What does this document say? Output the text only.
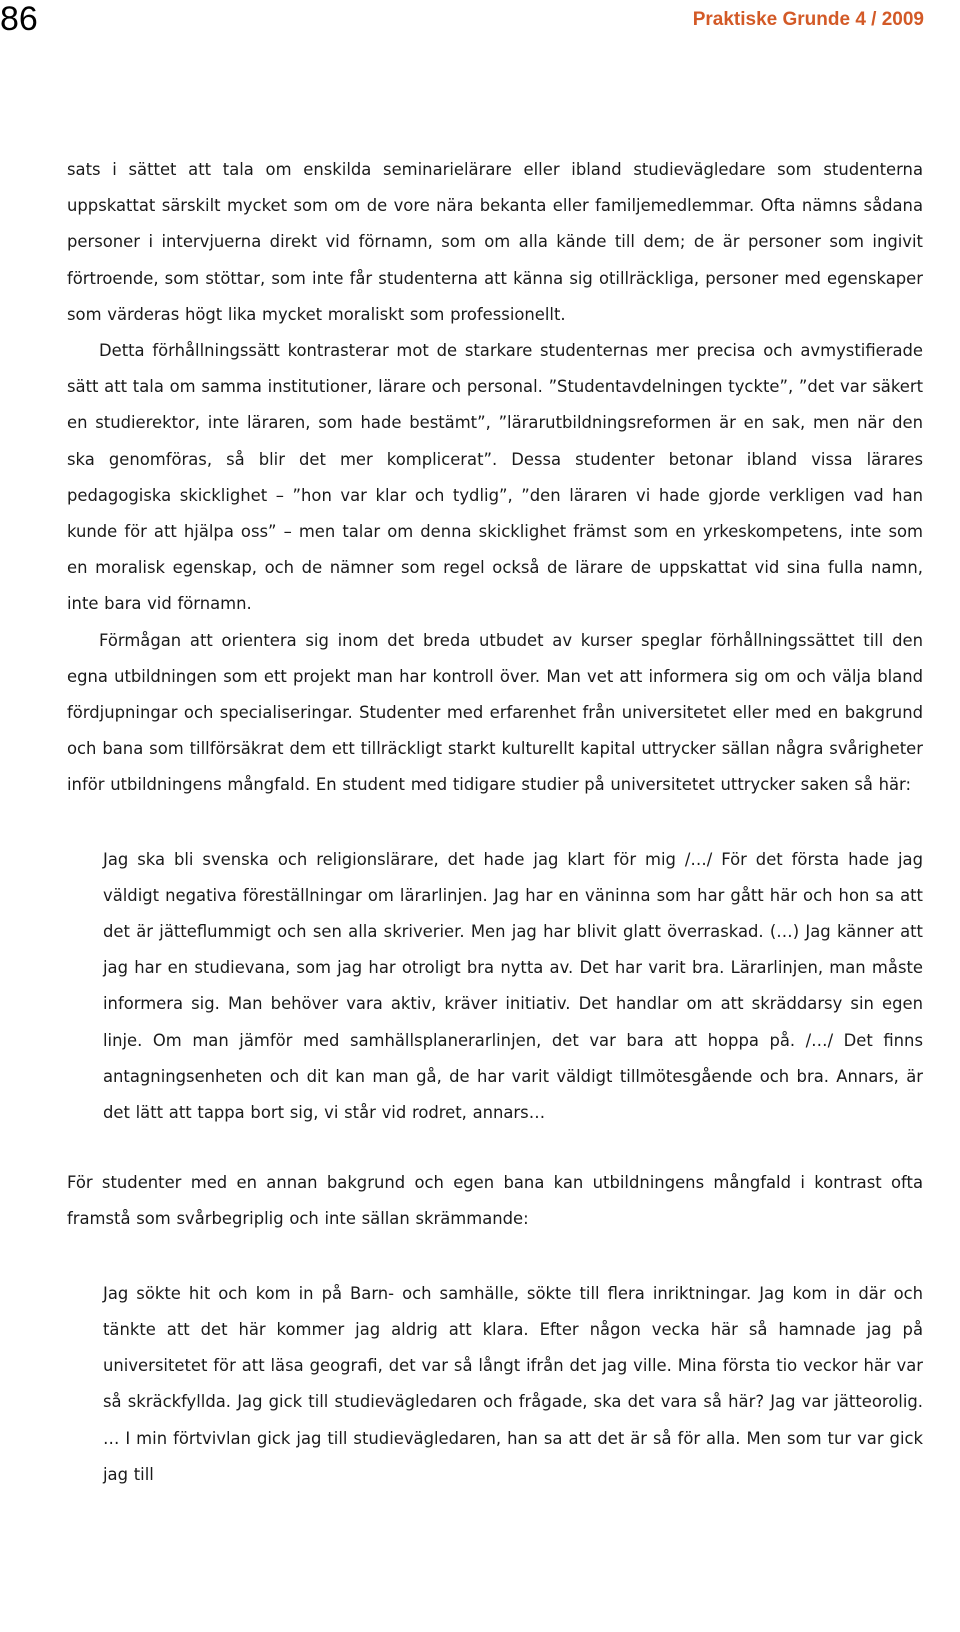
86	Praktiske Grunde 4 / 2009

sats i sättet att tala om enskilda seminarielärare eller ibland studievägledare som studenterna uppskattat särskilt mycket som om de vore nära bekanta eller familjemedlemmar. Ofta nämns sådana personer i intervjuerna direkt vid förnamn, som om alla kände till dem; de är personer som ingivit förtroende, som stöttar, som inte får studenterna att känna sig otillräckliga, personer med egenskaper som värderas högt lika mycket moraliskt som professionellt.

Detta förhållningssätt kontrasterar mot de starkare studenternas mer precisa och avmystifierade sätt att tala om samma institutioner, lärare och personal. ”Studentavdelningen tyckte”, ”det var säkert en studierektor, inte läraren, som hade bestämt”, ”lärarutbildningsreformen är en sak, men när den ska genomföras, så blir det mer komplicerat”. Dessa studenter betonar ibland vissa lärares pedagogiska skicklighet – ”hon var klar och tydlig”, ”den läraren vi hade gjorde verkligen vad han kunde för att hjälpa oss” – men talar om denna skicklighet främst som en yrkeskompetens, inte som en moralisk egenskap, och de nämner som regel också de lärare de uppskattat vid sina fulla namn, inte bara vid förnamn.

Förmågan att orientera sig inom det breda utbudet av kurser speglar förhållningssättet till den egna utbildningen som ett projekt man har kontroll över. Man vet att informera sig om och välja bland fördjupningar och specialiseringar. Studenter med erfarenhet från universitetet eller med en bakgrund och bana som tillförsäkrat dem ett tillräckligt starkt kulturellt kapital uttrycker sällan några svårigheter inför utbildningens mångfald. En student med tidigare studier på universitetet uttrycker saken så här:

Jag ska bli svenska och religionslärare, det hade jag klart för mig /…/ För det första hade jag väldigt negativa föreställningar om lärarlinjen. Jag har en väninna som har gått här och hon sa att det är jätteflummigt och sen alla skriverier. Men jag har blivit glatt överraskad. (…) Jag känner att jag har en studievana, som jag har otroligt bra nytta av. Det har varit bra. Lärarlinjen, man måste informera sig. Man behöver vara aktiv, kräver initiativ. Det handlar om att skräddarsy sin egen linje. Om man jämför med samhällsplanerarlinjen, det var bara att hoppa på. /…/ Det finns antagningsenheten och dit kan man gå, de har varit väldigt tillmötesgående och bra. Annars, är det lätt att tappa bort sig, vi står vid rodret, annars…

För studenter med en annan bakgrund och egen bana kan utbildningens mångfald i kontrast ofta framstå som svårbegriplig och inte sällan skrämmande:

Jag sökte hit och kom in på Barn- och samhälle, sökte till flera inriktningar. Jag kom in där och tänkte att det här kommer jag aldrig att klara. Efter någon vecka här så hamnade jag på universitetet för att läsa geografi, det var så långt ifrån det jag ville. Mina första tio veckor här var så skräckfyllda. Jag gick till studievägledaren och frågade, ska det vara så här? Jag var jätteorolig. … I min förtvivlan gick jag till studievägledaren, han sa att det är så för alla. Men som tur var gick jag till
